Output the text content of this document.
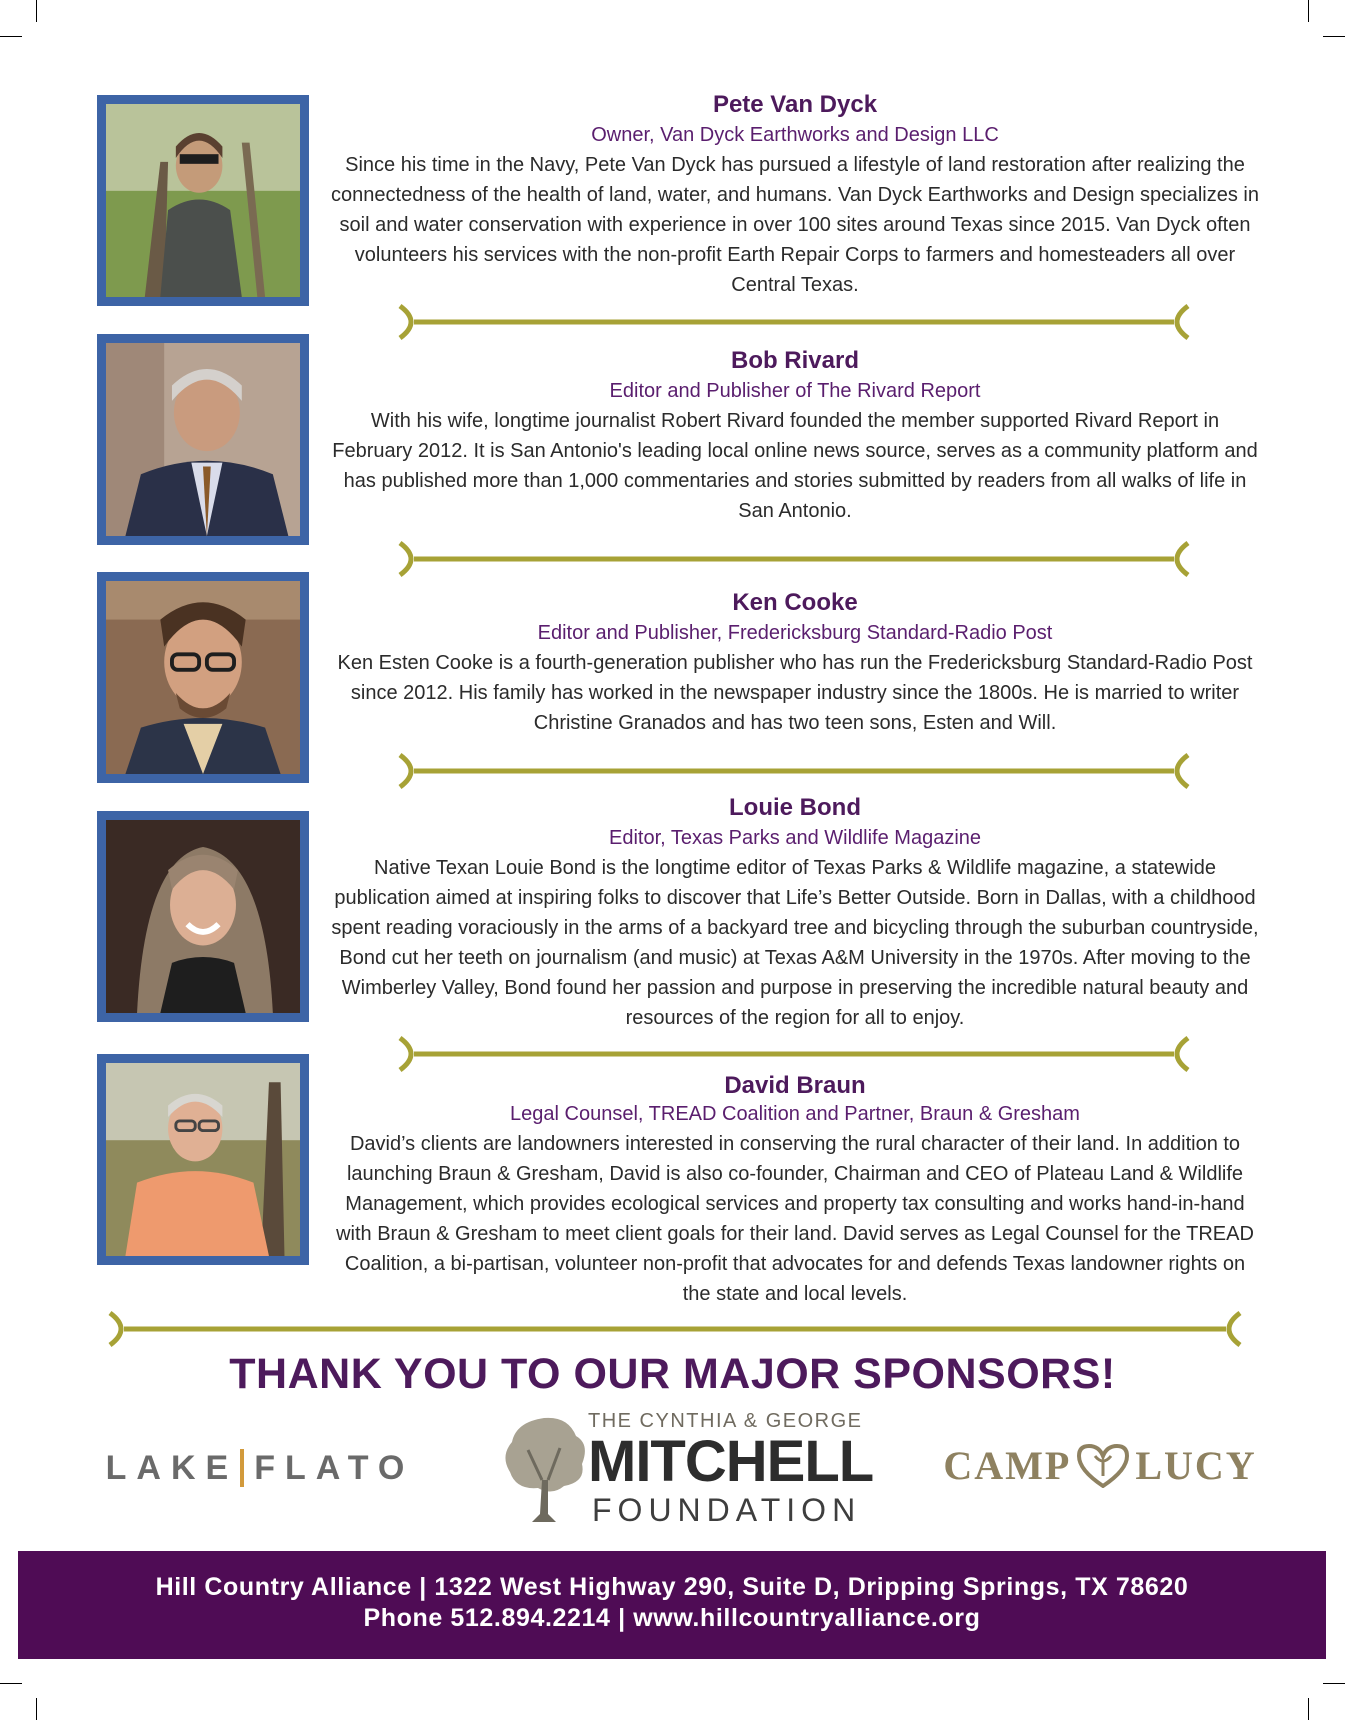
Pete Van Dyck
Owner, Van Dyck Earthworks and Design LLC
Since his time in the Navy, Pete Van Dyck has pursued a lifestyle of land restoration after realizing the connectedness of the health of land, water, and humans. Van Dyck Earthworks and Design specializes in soil and water conservation with experience in over 100 sites around Texas since 2015. Van Dyck often volunteers his services with the non-profit Earth Repair Corps to farmers and homesteaders all over Central Texas.
Bob Rivard
Editor and Publisher of The Rivard Report
With his wife, longtime journalist Robert Rivard founded the member supported Rivard Report in February 2012. It is San Antonio's leading local online news source, serves as a community platform and has published more than 1,000 commentaries and stories submitted by readers from all walks of life in San Antonio.
Ken Cooke
Editor and Publisher, Fredericksburg Standard-Radio Post
Ken Esten Cooke is a fourth-generation publisher who has run the Fredericksburg Standard-Radio Post since 2012. His family has worked in the newspaper industry since the 1800s. He is married to writer Christine Granados and has two teen sons, Esten and Will.
Louie Bond
Editor, Texas Parks and Wildlife Magazine
Native Texan Louie Bond is the longtime editor of Texas Parks & Wildlife magazine, a statewide publication aimed at inspiring folks to discover that Life’s Better Outside. Born in Dallas, with a childhood spent reading voraciously in the arms of a backyard tree and bicycling through the suburban countryside, Bond cut her teeth on journalism (and music) at Texas A&M University in the 1970s. After moving to the Wimberley Valley, Bond found her passion and purpose in preserving the incredible natural beauty and resources of the region for all to enjoy.
David Braun
Legal Counsel, TREAD Coalition and Partner, Braun & Gresham
David’s clients are landowners interested in conserving the rural character of their land. In addition to launching Braun & Gresham, David is also co-founder, Chairman and CEO of Plateau Land & Wildlife Management, which provides ecological services and property tax consulting and works hand-in-hand with Braun & Gresham to meet client goals for their land. David serves as Legal Counsel for the TREAD Coalition, a bi-partisan, volunteer non-profit that advocates for and defends Texas landowner rights on the state and local levels.
THANK YOU TO OUR MAJOR SPONSORS!
LAKE FLATO
THE CYNTHIA & GEORGE
MITCHELL
FOUNDATION
CAMP LUCY
Hill Country Alliance | 1322 West Highway 290, Suite D, Dripping Springs, TX 78620
Phone 512.894.2214 | www.hillcountryalliance.org
